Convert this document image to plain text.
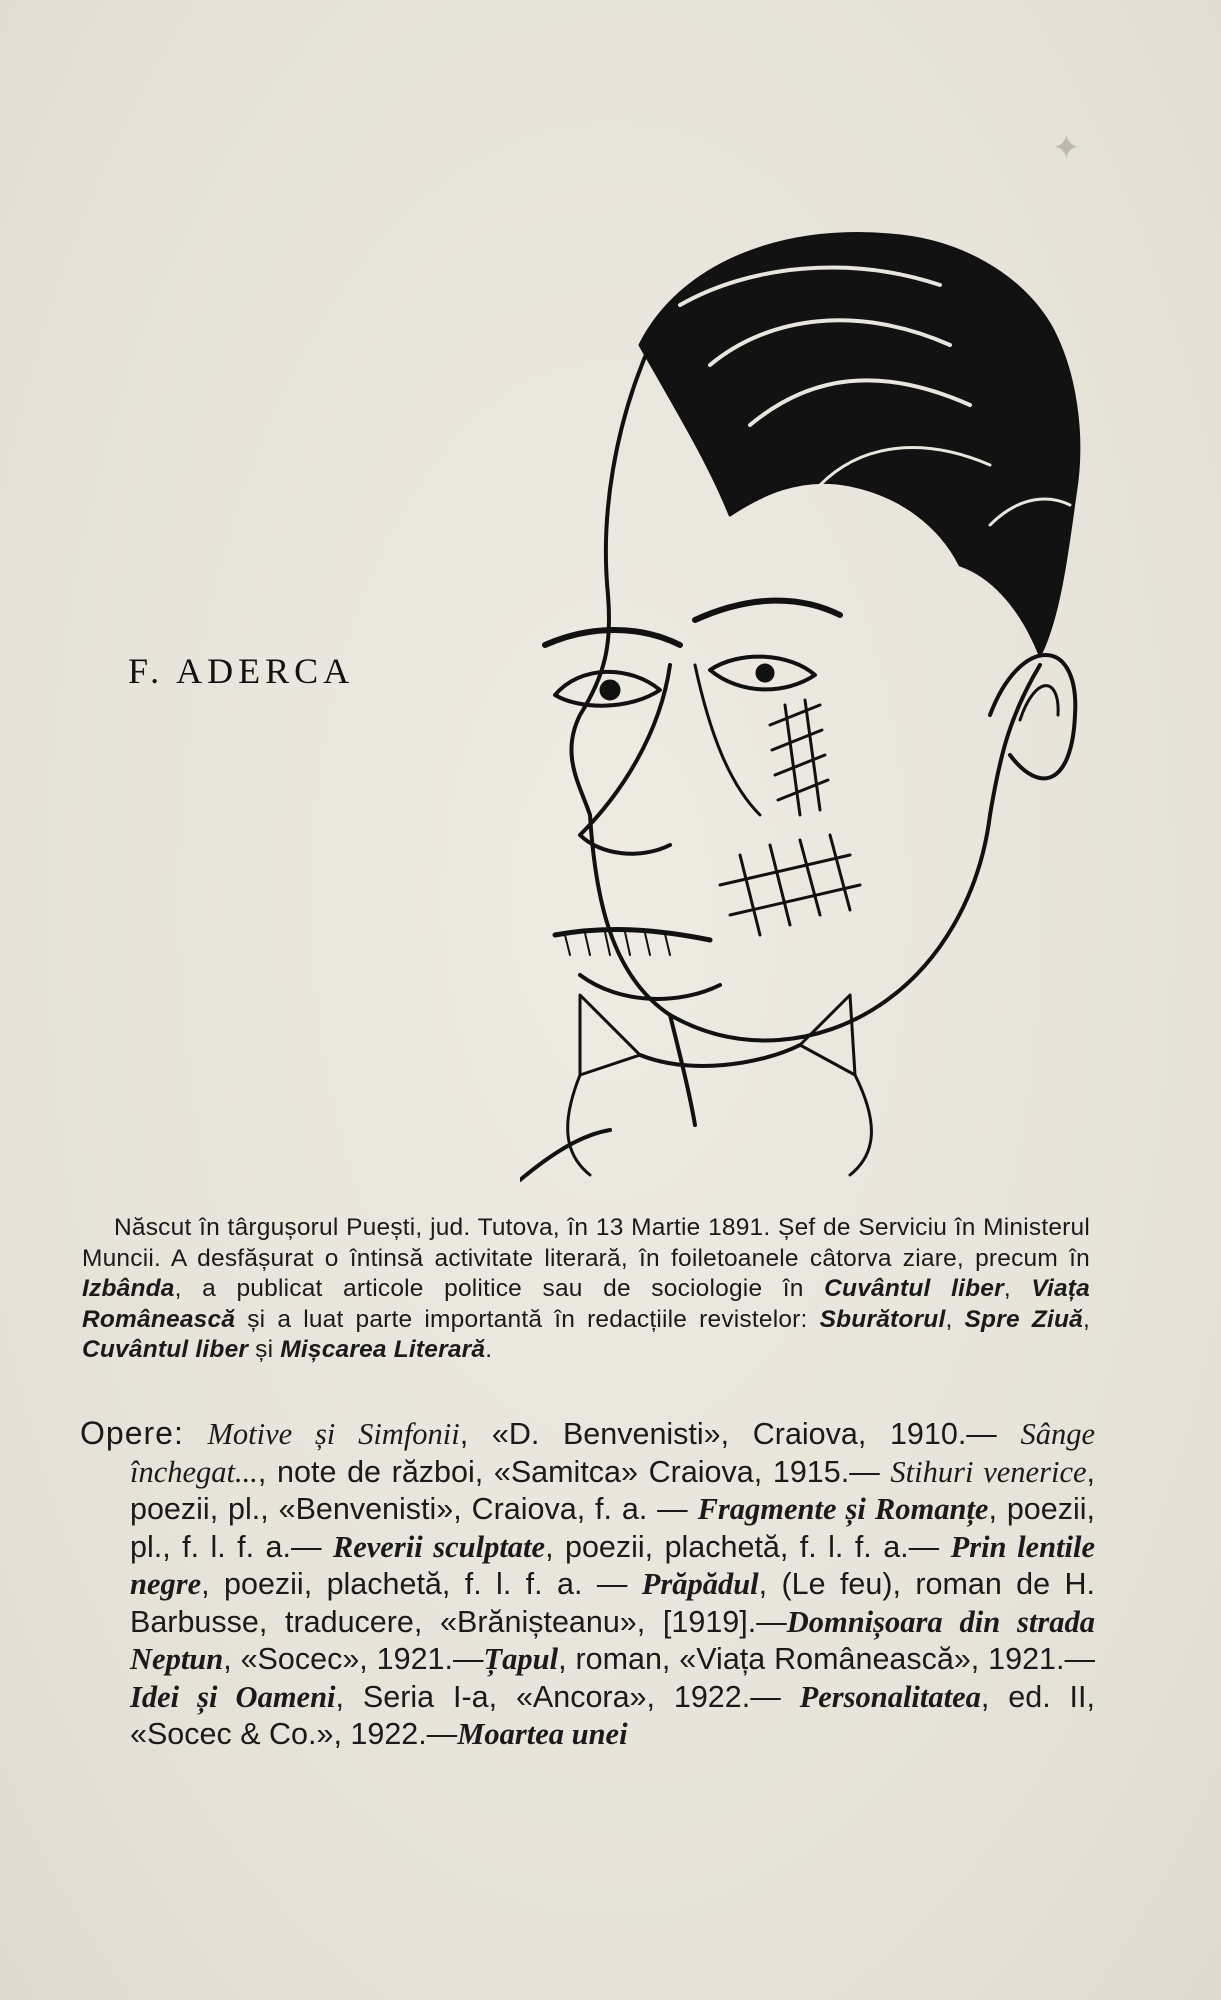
✦
F. ADERCA

Născut în târgușorul Puești, jud. Tutova, în 13 Martie 1891. Șef de Serviciu în Ministerul Muncii. A desfășurat o întinsă activitate literară, în foiletoanele câtorva ziare, precum în Izbânda, a publicat articole politice sau de sociologie în Cuvântul liber, Viața Românească și a luat parte importantă în redacțiile revistelor: Sburătorul, Spre Ziuă, Cuvântul liber și Mișcarea Literară.

Opere: Motive și Simfonii, «D. Benvenisti», Craiova, 1910.— Sânge închegat..., note de război, «Samitca» Craiova, 1915.— Stihuri venerice, poezii, pl., «Benvenisti», Craiova, f. a. — Fragmente și Romanțe, poezii, pl., f. l. f. a.— Reverii sculptate, poezii, plachetă, f. l. f. a.— Prin lentile negre, poezii, plachetă, f. l. f. a. — Prăpădul, (Le feu), roman de H. Barbusse, traducere, «Brănișteanu», [1919].—Domnișoara din strada Neptun, «Socec», 1921.—Țapul, roman, «Viața Românească», 1921.—Idei și Oameni, Seria I-a, «Ancora», 1922.— Personalitatea, ed. II, «Socec & Co.», 1922.—Moartea unei
